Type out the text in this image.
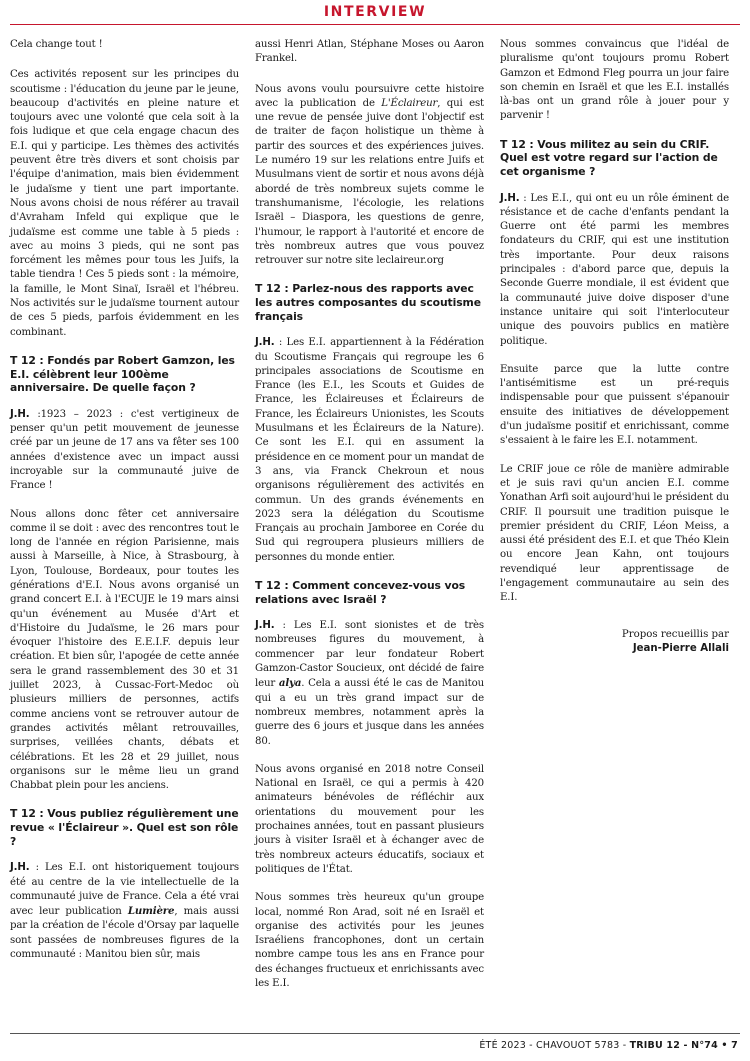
INTERVIEW

Cela change tout !

Ces activités reposent sur les principes du scoutisme : l'éducation du jeune par le jeune, beaucoup d'activités en pleine nature et toujours avec une volonté que cela soit à la fois ludique et que cela engage chacun des E.I. qui y participe. Les thèmes des activités peuvent être très divers et sont choisis par l'équipe d'animation, mais bien évidemment le judaïsme y tient une part importante. Nous avons choisi de nous référer au travail d'Avraham Infeld qui explique que le judaïsme est comme une table à 5 pieds : avec au moins 3 pieds, qui ne sont pas forcément les mêmes pour tous les Juifs, la table tiendra ! Ces 5 pieds sont : la mémoire, la famille, le Mont Sinaï, Israël et l'hébreu. Nos activités sur le judaïsme tournent autour de ces 5 pieds, parfois évidemment en les combinant.

T 12 : Fondés par Robert Gamzon, les E.I. célèbrent leur 100ème anniversaire. De quelle façon ?

J.H. :1923 – 2023 : c'est vertigineux de penser qu'un petit mouvement de jeunesse créé par un jeune de 17 ans va fêter ses 100 années d'existence avec un impact aussi incroyable sur la communauté juive de France !

Nous allons donc fêter cet anniversaire comme il se doit : avec des rencontres tout le long de l'année en région Parisienne, mais aussi à Marseille, à Nice, à Strasbourg, à Lyon, Toulouse, Bordeaux, pour toutes les générations d'E.I. Nous avons organisé un grand concert E.I. à l'ECUJE le 19 mars ainsi qu'un événement au Musée d'Art et d'Histoire du Judaïsme, le 26 mars pour évoquer l'histoire des E.E.I.F. depuis leur création. Et bien sûr, l'apogée de cette année sera le grand rassemblement des 30 et 31 juillet 2023, à Cussac-Fort-Medoc où plusieurs milliers de personnes, actifs comme anciens vont se retrouver autour de grandes activités mêlant retrouvailles, surprises, veillées chants, débats et célébrations. Et les 28 et 29 juillet, nous organisons sur le même lieu un grand Chabbat plein pour les anciens.

T 12 : Vous publiez régulièrement une revue « l'Éclaireur ». Quel est son rôle ?

J.H. : Les E.I. ont historiquement toujours été au centre de la vie intellectuelle de la communauté juive de France. Cela a été vrai avec leur publication Lumière, mais aussi par la création de l'école d'Orsay par laquelle sont passées de nombreuses figures de la communauté : Manitou bien sûr, mais

aussi Henri Atlan, Stéphane Moses ou Aaron Frankel.

Nous avons voulu poursuivre cette histoire avec la publication de L'Éclaireur, qui est une revue de pensée juive dont l'objectif est de traiter de façon holistique un thème à partir des sources et des expériences juives. Le numéro 19 sur les relations entre Juifs et Musulmans vient de sortir et nous avons déjà abordé de très nombreux sujets comme le transhumanisme, l'écologie, les relations Israël – Diaspora, les questions de genre, l'humour, le rapport à l'autorité et encore de très nombreux autres que vous pouvez retrouver sur notre site leclaireur.org

T 12 : Parlez-nous des rapports avec les autres composantes du scoutisme français

J.H. : Les E.I. appartiennent à la Fédération du Scoutisme Français qui regroupe les 6 principales associations de Scoutisme en France (les E.I., les Scouts et Guides de France, les Éclaireuses et Éclaireurs de France, les Éclaireurs Unionistes, les Scouts Musulmans et les Éclaireurs de la Nature). Ce sont les E.I. qui en assument la présidence en ce moment pour un mandat de 3 ans, via Franck Chekroun et nous organisons régulièrement des activités en commun. Un des grands événements en 2023 sera la délégation du Scoutisme Français au prochain Jamboree en Corée du Sud qui regroupera plusieurs milliers de personnes du monde entier.

T 12 : Comment concevez-vous vos relations avec Israël ?

J.H. : Les E.I. sont sionistes et de très nombreuses figures du mouvement, à commencer par leur fondateur Robert Gamzon-Castor Soucieux, ont décidé de faire leur alya. Cela a aussi été le cas de Manitou qui a eu un très grand impact sur de nombreux membres, notamment après la guerre des 6 jours et jusque dans les années 80.

Nous avons organisé en 2018 notre Conseil National en Israël, ce qui a permis à 420 animateurs bénévoles de réfléchir aux orientations du mouvement pour les prochaines années, tout en passant plusieurs jours à visiter Israël et à échanger avec de très nombreux acteurs éducatifs, sociaux et politiques de l'État.

Nous sommes très heureux qu'un groupe local, nommé Ron Arad, soit né en Israël et organise des activités pour les jeunes Israéliens francophones, dont un certain nombre campe tous les ans en France pour des échanges fructueux et enrichissants avec les E.I.

Nous sommes convaincus que l'idéal de pluralisme qu'ont toujours promu Robert Gamzon et Edmond Fleg pourra un jour faire son chemin en Israël et que les E.I. installés là-bas ont un grand rôle à jouer pour y parvenir !

T 12 : Vous militez au sein du CRIF. Quel est votre regard sur l'action de cet organisme ?

J.H. : Les E.I., qui ont eu un rôle éminent de résistance et de cache d'enfants pendant la Guerre ont été parmi les membres fondateurs du CRIF, qui est une institution très importante. Pour deux raisons principales : d'abord parce que, depuis la Seconde Guerre mondiale, il est évident que la communauté juive doive disposer d'une instance unitaire qui soit l'interlocuteur unique des pouvoirs publics en matière politique.

Ensuite parce que la lutte contre l'antisémitisme est un pré-requis indispensable pour que puissent s'épanouir ensuite des initiatives de développement d'un judaïsme positif et enrichissant, comme s'essaient à le faire les E.I. notamment.

Le CRIF joue ce rôle de manière admirable et je suis ravi qu'un ancien E.I. comme Yonathan Arfi soit aujourd'hui le président du CRIF. Il poursuit une tradition puisque le premier président du CRIF, Léon Meiss, a aussi été président des E.I. et que Théo Klein ou encore Jean Kahn, ont toujours revendiqué leur apprentissage de l'engagement communautaire au sein des E.I.

Propos recueillis par
Jean-Pierre Allali
ÉTÉ 2023 - CHAVOUOT 5783 - TRIBU 12 - N°74 • 7
